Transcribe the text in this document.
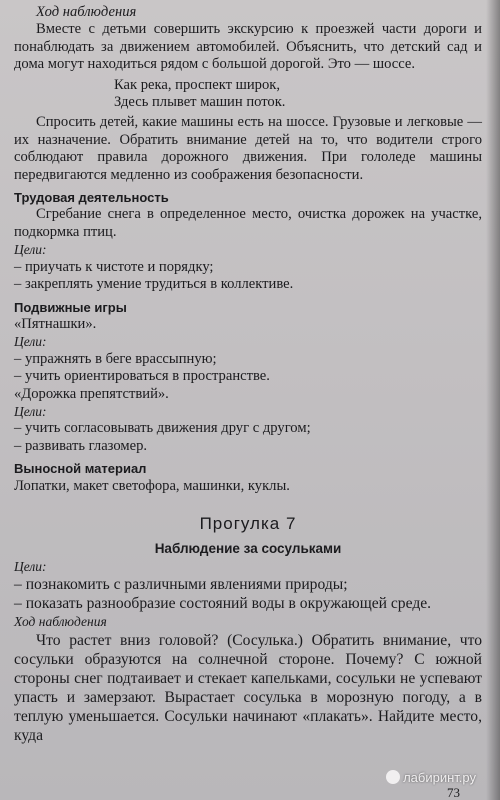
Ход наблюдения

Вместе с детьми совершить экскурсию к проезжей части дороги и понаблюдать за движением автомобилей. Объяснить, что детский сад и дома могут находиться рядом с большой дорогой. Это — шоссе.

Как река, проспект широк,
Здесь плывет машин поток.

Спросить детей, какие машины есть на шоссе. Грузовые и легковые — их назначение. Обратить внимание детей на то, что водители строго соблюдают правила дорожного движения. При гололеде машины передвигаются медленно из соображения безопасности.

Трудовая деятельность

Сгребание снега в определенное место, очистка дорожек на участке, подкормка птиц.

Цели:

– приучать к чистоте и порядку;

– закреплять умение трудиться в коллективе.

Подвижные игры

«Пятнашки».

Цели:

– упражнять в беге врассыпную;

– учить ориентироваться в пространстве.

«Дорожка препятствий».

Цели:

– учить согласовывать движения друг с другом;

– развивать глазомер.

Выносной материал

Лопатки, макет светофора, машинки, куклы.

Прогулка 7
Наблюдение за сосульками

Цели:

– познакомить с различными явлениями природы;

– показать разнообразие состояний воды в окружающей среде.

Ход наблюдения

Что растет вниз головой? (Сосулька.) Обратить внимание, что сосульки образуются на солнечной стороне. Почему? С южной стороны снег подтаивает и стекает капельками, сосульки не успевают упасть и замерзают. Вырастает сосулька в морозную погоду, а в теплую уменьшается. Сосульки начинают «плакать». Найдите место, куда

лабиринт.ру
73
